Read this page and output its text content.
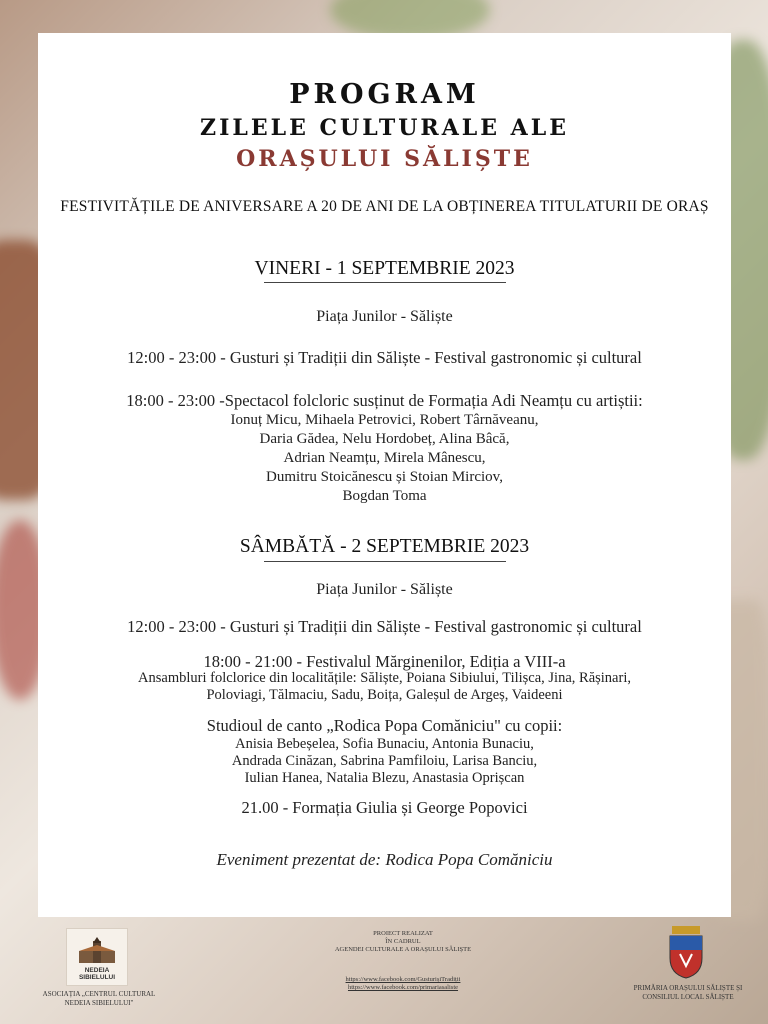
PROGRAM
ZILELE CULTURALE ALE
ORAȘULUI SĂLIȘTE
FESTIVITĂȚILE DE ANIVERSARE A 20 DE ANI DE LA OBȚINEREA TITULATURII DE ORAȘ
VINERI - 1 SEPTEMBRIE 2023
Piața Junilor - Săliște
12:00 - 23:00 - Gusturi și Tradiții din Săliște - Festival gastronomic și cultural
18:00 - 23:00 -Spectacol folcloric susținut de Formația Adi Neamțu cu artiștii:
Ionuț Micu, Mihaela Petrovici, Robert Târnăveanu,
Daria Gădea, Nelu Hordobeț, Alina Bâcă,
Adrian Neamțu, Mirela Mânescu,
Dumitru Stoicănescu și Stoian Mirciov,
Bogdan Toma
SÂMBĂTĂ - 2 SEPTEMBRIE 2023
Piața Junilor - Săliște
12:00 - 23:00 - Gusturi și Tradiții din Săliște - Festival gastronomic și cultural
18:00 - 21:00 - Festivalul Mărginenilor, Ediția a VIII-a
Ansambluri folclorice din localitățile: Săliște, Poiana Sibiului, Tilișca, Jina, Rășinari,
Poloviagi, Tălmaciu, Sadu, Boița, Galeșul de Argeș, Vaideeni
Studioul de canto „Rodica Popa Comăniciu" cu copii:
Anisia Bebeșelea, Sofia Bunaciu, Antonia Bunaciu,
Andrada Cinăzan, Sabrina Pamfiloiu, Larisa Banciu,
Iulian Hanea, Natalia Blezu, Anastasia Oprișcan
21.00 - Formația Giulia și George Popovici
Eveniment prezentat de: Rodica Popa Comăniciu
NEDEIA SIBIELULUI
ASOCIAȚIA „CENTRUL CULTURAL NEDEIA SIBIELULUI"
PROIECT REALIZAT
ÎN CADRUL
AGENDEI CULTURALE A ORAȘULUI SĂLIȘTE
https://www.facebook.com/GusturișiTradiții
https://www.facebook.com/primariasaliste	PRIMĂRIA ORAȘULUI SĂLIȘTE ȘI CONSILIUL LOCAL SĂLIȘTE
